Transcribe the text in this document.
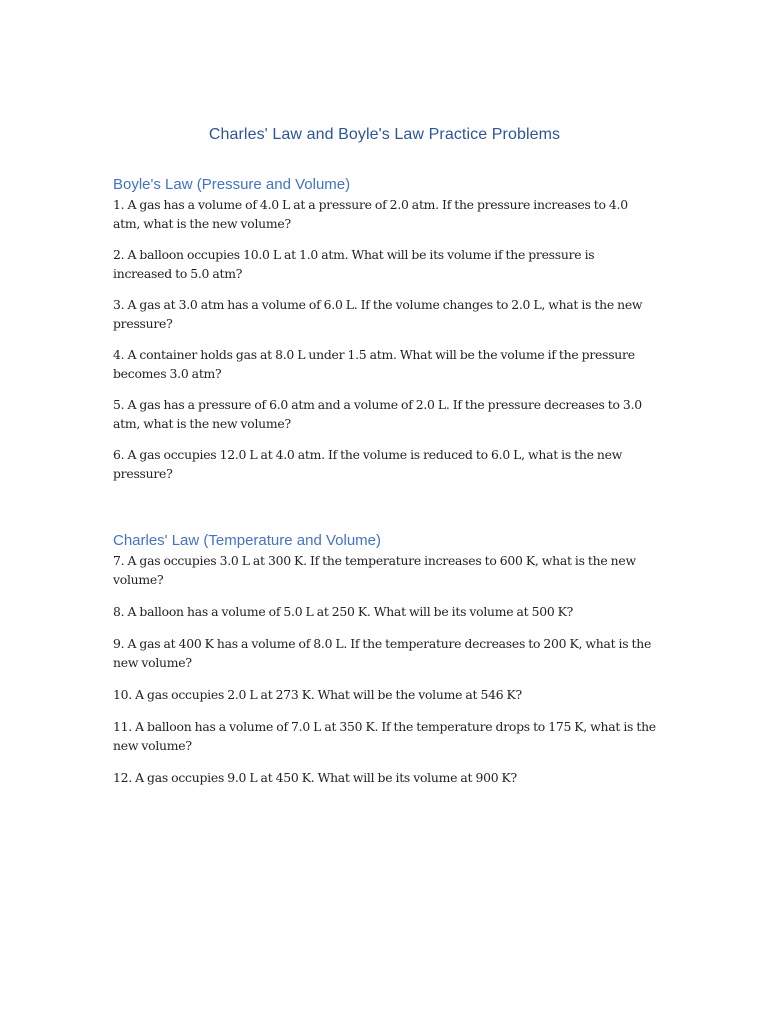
Charles' Law and Boyle's Law Practice Problems
Boyle's Law (Pressure and Volume)
1. A gas has a volume of 4.0 L at a pressure of 2.0 atm. If the pressure increases to 4.0 atm, what is the new volume?
2. A balloon occupies 10.0 L at 1.0 atm. What will be its volume if the pressure is increased to 5.0 atm?
3. A gas at 3.0 atm has a volume of 6.0 L. If the volume changes to 2.0 L, what is the new pressure?
4. A container holds gas at 8.0 L under 1.5 atm. What will be the volume if the pressure becomes 3.0 atm?
5. A gas has a pressure of 6.0 atm and a volume of 2.0 L. If the pressure decreases to 3.0 atm, what is the new volume?
6. A gas occupies 12.0 L at 4.0 atm. If the volume is reduced to 6.0 L, what is the new pressure?
Charles' Law (Temperature and Volume)
7. A gas occupies 3.0 L at 300 K. If the temperature increases to 600 K, what is the new volume?
8. A balloon has a volume of 5.0 L at 250 K. What will be its volume at 500 K?
9. A gas at 400 K has a volume of 8.0 L. If the temperature decreases to 200 K, what is the new volume?
10. A gas occupies 2.0 L at 273 K. What will be the volume at 546 K?
11. A balloon has a volume of 7.0 L at 350 K. If the temperature drops to 175 K, what is the new volume?
12. A gas occupies 9.0 L at 450 K. What will be its volume at 900 K?
